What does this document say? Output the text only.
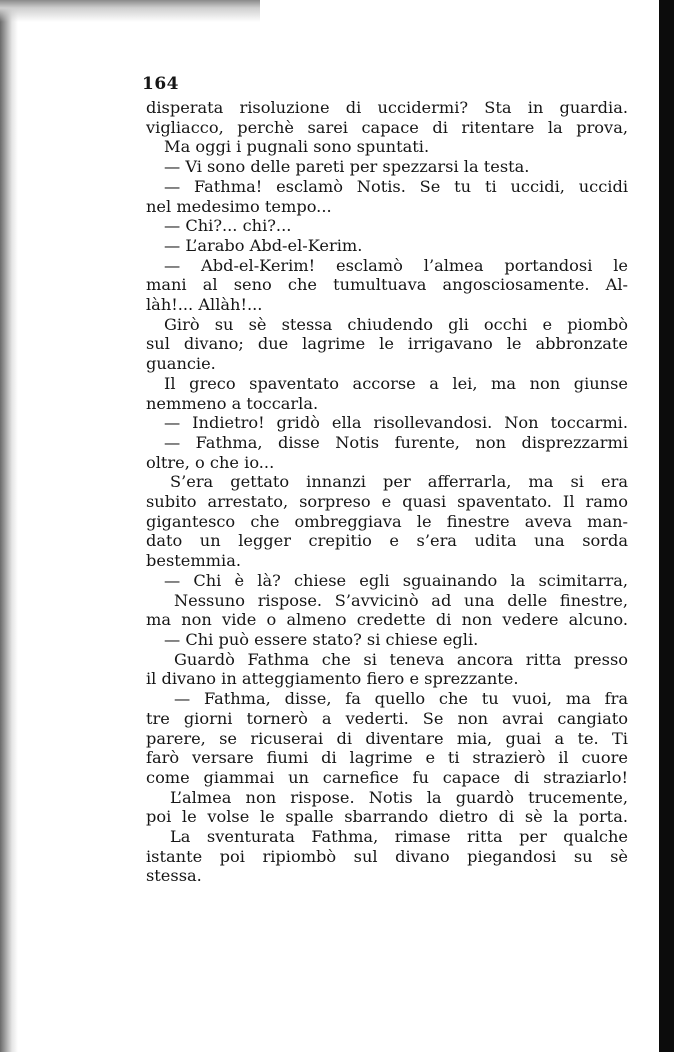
164
disperata risoluzione di uccidermi? Sta in guardia.
vigliacco, perchè sarei capace di ritentare la prova,
Ma oggi i pugnali sono spuntati.
— Vi sono delle pareti per spezzarsi la testa.
— Fathma! esclamò Notis. Se tu ti uccidi, uccidi
nel medesimo tempo...
— Chi?... chi?...
— L’arabo Abd-el-Kerim.
— Abd-el-Kerim! esclamò l’almea portandosi le
mani al seno che tumultuava angosciosamente. Al-
làh!... Allàh!...
Girò su sè stessa chiudendo gli occhi e piombò
sul divano; due lagrime le irrigavano le abbronzate
guancie.
Il greco spaventato accorse a lei, ma non giunse
nemmeno a toccarla.
— Indietro! gridò ella risollevandosi. Non toccarmi.
— Fathma, disse Notis furente, non disprezzarmi
oltre, o che io...
S’era gettato innanzi per afferrarla, ma si era
subito arrestato, sorpreso e quasi spaventato. Il ramo
gigantesco che ombreggiava le finestre aveva man-
dato un legger crepitio e s’era udita una sorda
bestemmia.
— Chi è là? chiese egli sguainando la scimitarra,
Nessuno rispose. S’avvicinò ad una delle finestre,
ma non vide o almeno credette di non vedere alcuno.
— Chi può essere stato? si chiese egli.
Guardò Fathma che si teneva ancora ritta presso
il divano in atteggiamento fiero e sprezzante.
— Fathma, disse, fa quello che tu vuoi, ma fra
tre giorni tornerò a vederti. Se non avrai cangiato
parere, se ricuserai di diventare mia, guai a te. Ti
farò versare fiumi di lagrime e ti strazierò il cuore
come giammai un carnefice fu capace di straziarlo!
L’almea non rispose. Notis la guardò trucemente,
poi le volse le spalle sbarrando dietro di sè la porta.
La sventurata Fathma, rimase ritta per qualche
istante poi ripiombò sul divano piegandosi su sè
stessa.
